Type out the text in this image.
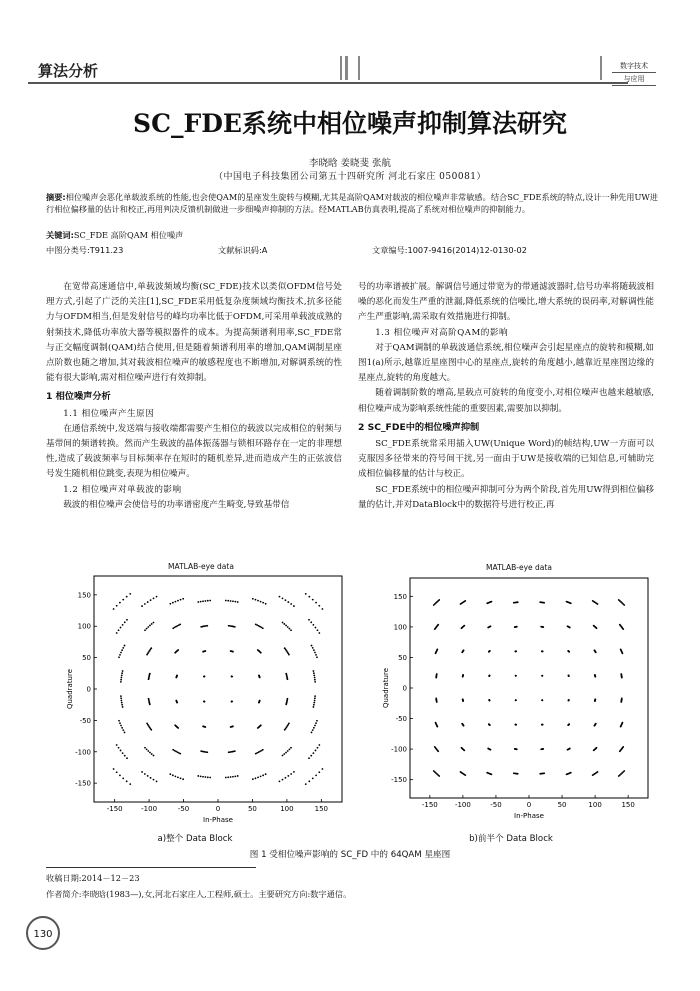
算法分析	数字技术
与应用
SC_FDE系统中相位噪声抑制算法研究
李晓晗 姜晓斐 张航
（中国电子科技集团公司第五十四研究所 河北石家庄 050081）
摘要:相位噪声会恶化单载波系统的性能,也会使QAM的星座发生旋转与模糊,尤其是高阶QAM对载波的相位噪声非常敏感。结合SC_FDE系统的特点,设计一种先用UW进行相位偏移量的估计和校正,再用判决反馈机制做进一步细噪声抑制的方法。经MATLAB仿真表明,提高了系统对相位噪声的抑制能力。
关键词:SC_FDE 高阶QAM 相位噪声
中图分类号:T911.23	文献标识码:A	文章编号:1007-9416(2014)12-0130-02

在宽带高速通信中,单载波频域均衡(SC_FDE)技术以类似OFDM信号处理方式,引起了广泛的关注[1],SC_FDE采用低复杂度频域均衡技术,抗多径能力与OFDM相当,但是发射信号的峰均功率比低于OFDM,可采用单载波成熟的射频技术,降低功率放大器等模拟器件的成本。为提高频谱利用率,SC_FDE常与正交幅度调制(QAM)结合使用,但是随着频谱利用率的增加,QAM调制星座点阶数也随之增加,其对载波相位噪声的敏感程度也不断增加,对解调系统的性能有很大影响,需对相位噪声进行有效抑制。

1 相位噪声分析
1.1 相位噪声产生原因

在通信系统中,发送端与接收端都需要产生相位的载波以完成相位的射频与基带间的频谱转换。然而产生载波的晶体振荡器与锁相环路存在一定的非理想性,造成了载波频率与目标频率存在短时的随机差异,进而造成产生的正弦波信号发生随机相位跳变,表现为相位噪声。

1.2 相位噪声对单载波的影响

载波的相位噪声会使信号的功率谱密度产生畸变,导致基带信

号的功率谱被扩展。解调信号通过带宽为的带通滤波器时,信号功率将随载波相噪的恶化而发生严重的泄漏,降低系统的信噪比,增大系统的误码率,对解调性能产生严重影响,需采取有效措施进行抑制。

1.3 相位噪声对高阶QAM的影响

对于QAM调制的单载波通信系统,相位噪声会引起星座点的旋转和模糊,如图1(a)所示,越靠近星座图中心的星座点,旋转的角度越小,越靠近星座图边缘的星座点,旋转的角度越大。

随着调制阶数的增高,星载点可旋转的角度变小,对相位噪声也越来越敏感,相位噪声成为影响系统性能的重要因素,需要加以抑制。

2 SC_FDE中的相位噪声抑制

SC_FDE系统常采用插入UW(Unique Word)的帧结构,UW一方面可以克服因多径带来的符号间干扰,另一面由于UW是接收端的已知信息,可辅助完成相位偏移量的估计与校正。

SC_FDE系统中的相位噪声抑制可分为两个阶段,首先用UW得到相位偏移量的估计,并对DataBlock中的数据符号进行校正,再

MATLAB-eye data	MATLAB-eye data
-150	-100	-50	0	50	100	150
150
100
50
0
-50
-100
-150
In-Phase
Quadrature
-150 -100	-50	0	50	100	150
150
100
50
0
-50
-100
-150
In-Phase
Quadrature
a)整个 Data Block	b)前半个 Data Block
图 1 受相位噪声影响的 SC_FD 中的 64QAM 星座图
收稿日期:2014－12－23
作者简介:李晓晗(1983—),女,河北石家庄人,工程师,硕士。主要研究方向:数字通信。
130
